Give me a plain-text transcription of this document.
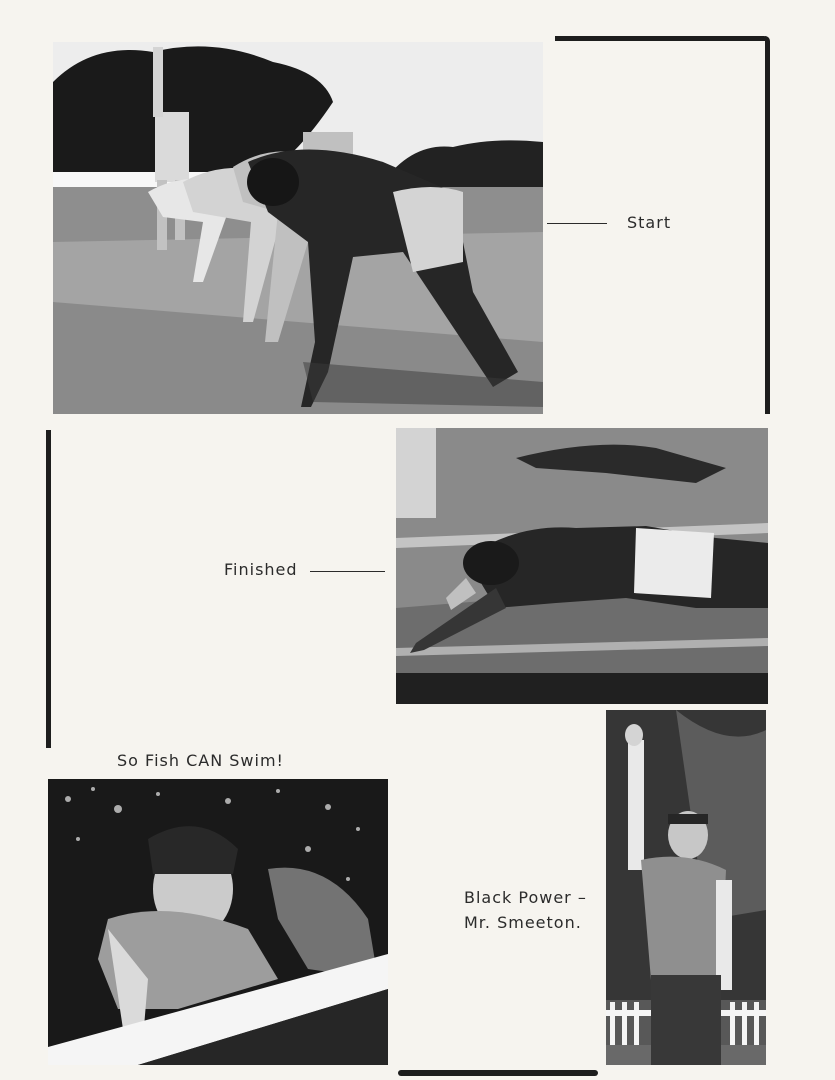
Start
Finished
So Fish CAN Swim!
Black Power –
Mr. Smeeton.
